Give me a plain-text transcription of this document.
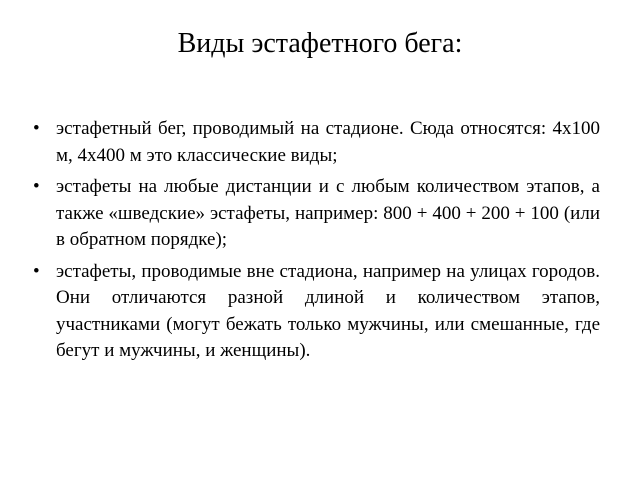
Виды эстафетного бега:
• эстафетный бег, проводимый на стадионе. Сюда относятся: 4х100 м, 4х400 м это классические виды;
• эстафеты на любые дистанции и с любым количеством этапов, а также «шведские» эстафеты, например: 800 + 400 + 200 + 100 (или в обратном порядке);
• эстафеты, проводимые вне стадиона, например на улицах городов. Они отличаются разной длиной и количеством этапов, участниками (могут бежать только мужчины, или смешанные, где бегут и мужчины, и женщины).
